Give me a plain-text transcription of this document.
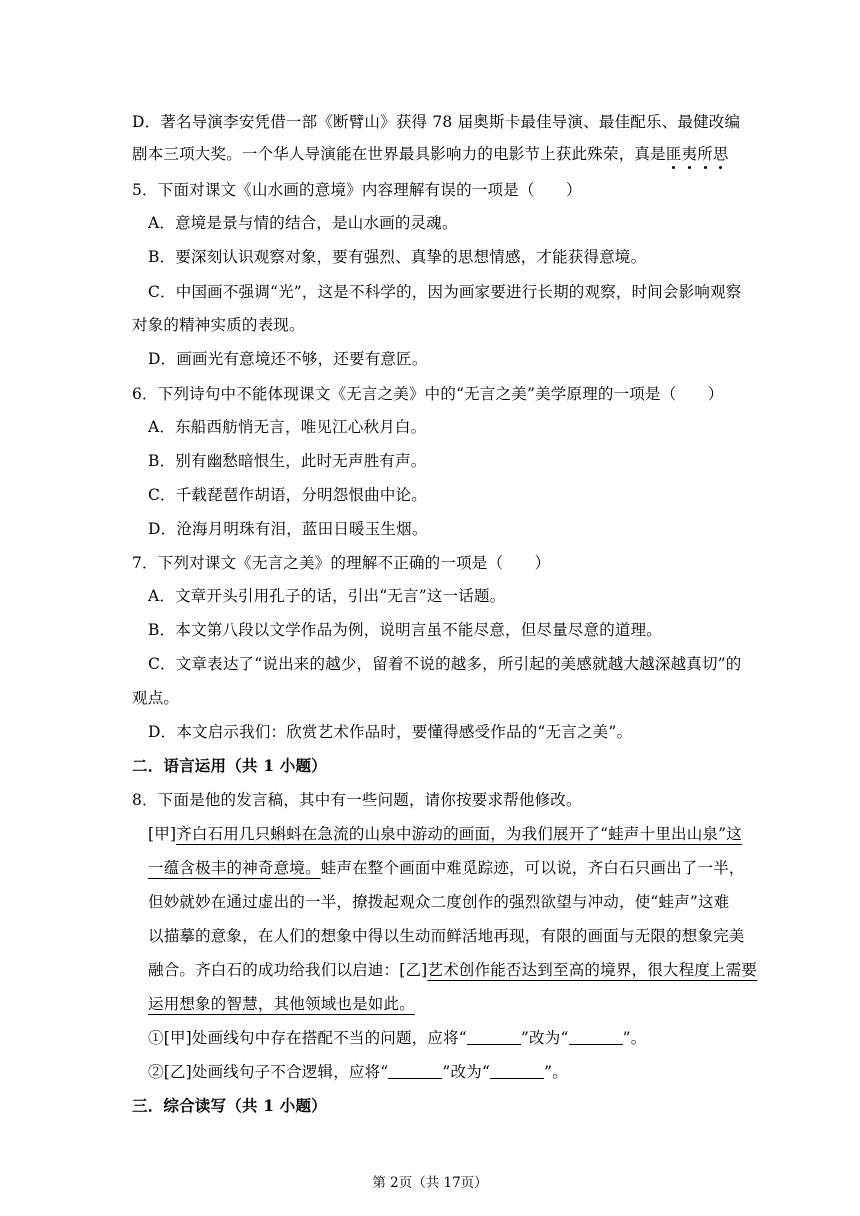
D．著名导演李安凭借一部《断臂山》获得 78 届奥斯卡最佳导演、最佳配乐、最健改编
剧本三项大奖。一个华人导演能在世界最具影响力的电影节上获此殊荣，真是匪夷所思
5．下面对课文《山水画的意境》内容理解有误的一项是（　　）
A．意境是景与情的结合，是山水画的灵魂。
B．要深刻认识观察对象，要有强烈、真挚的思想情感，才能获得意境。
C．中国画不强调“光”，这是不科学的，因为画家要进行长期的观察，时间会影响观察
对象的精神实质的表现。
D．画画光有意境还不够，还要有意匠。
6．下列诗句中不能体现课文《无言之美》中的“无言之美”美学原理的一项是（　　）
A．东船西舫悄无言，唯见江心秋月白。
B．别有幽愁暗恨生，此时无声胜有声。
C．千载琵琶作胡语，分明怨恨曲中论。
D．沧海月明珠有泪，蓝田日暖玉生烟。
7．下列对课文《无言之美》的理解不正确的一项是（　　）
A．文章开头引用孔子的话，引出“无言”这一话题。
B．本文第八段以文学作品为例，说明言虽不能尽意，但尽量尽意的道理。
C．文章表达了“说出来的越少，留着不说的越多，所引起的美感就越大越深越真切”的
观点。
D．本文启示我们：欣赏艺术作品时，要懂得感受作品的“无言之美”。
二．语言运用（共 1 小题）
8．下面是他的发言稿，其中有一些问题，请你按要求帮他修改。
[甲]齐白石用几只蝌蚪在急流的山泉中游动的画面，为我们展开了“蛙声十里出山泉”这
一蕴含极丰的神奇意境。蛙声在整个画面中难觅踪迹，可以说，齐白石只画出了一半，
但妙就妙在通过虚出的一半，撩拨起观众二度创作的强烈欲望与冲动，使“蛙声”这难
以描摹的意象，在人们的想象中得以生动而鲜活地再现，有限的画面与无限的想象完美
融合。齐白石的成功给我们以启迪：[乙]艺术创作能否达到至高的境界，很大程度上需要
运用想象的智慧，其他领域也是如此。
①[甲]处画线句中存在搭配不当的问题，应将“	”改为“	”。
②[乙]处画线句子不合逻辑，应将“	”改为“	”。
三．综合读写（共 1 小题）
第 2页（共 17页）
